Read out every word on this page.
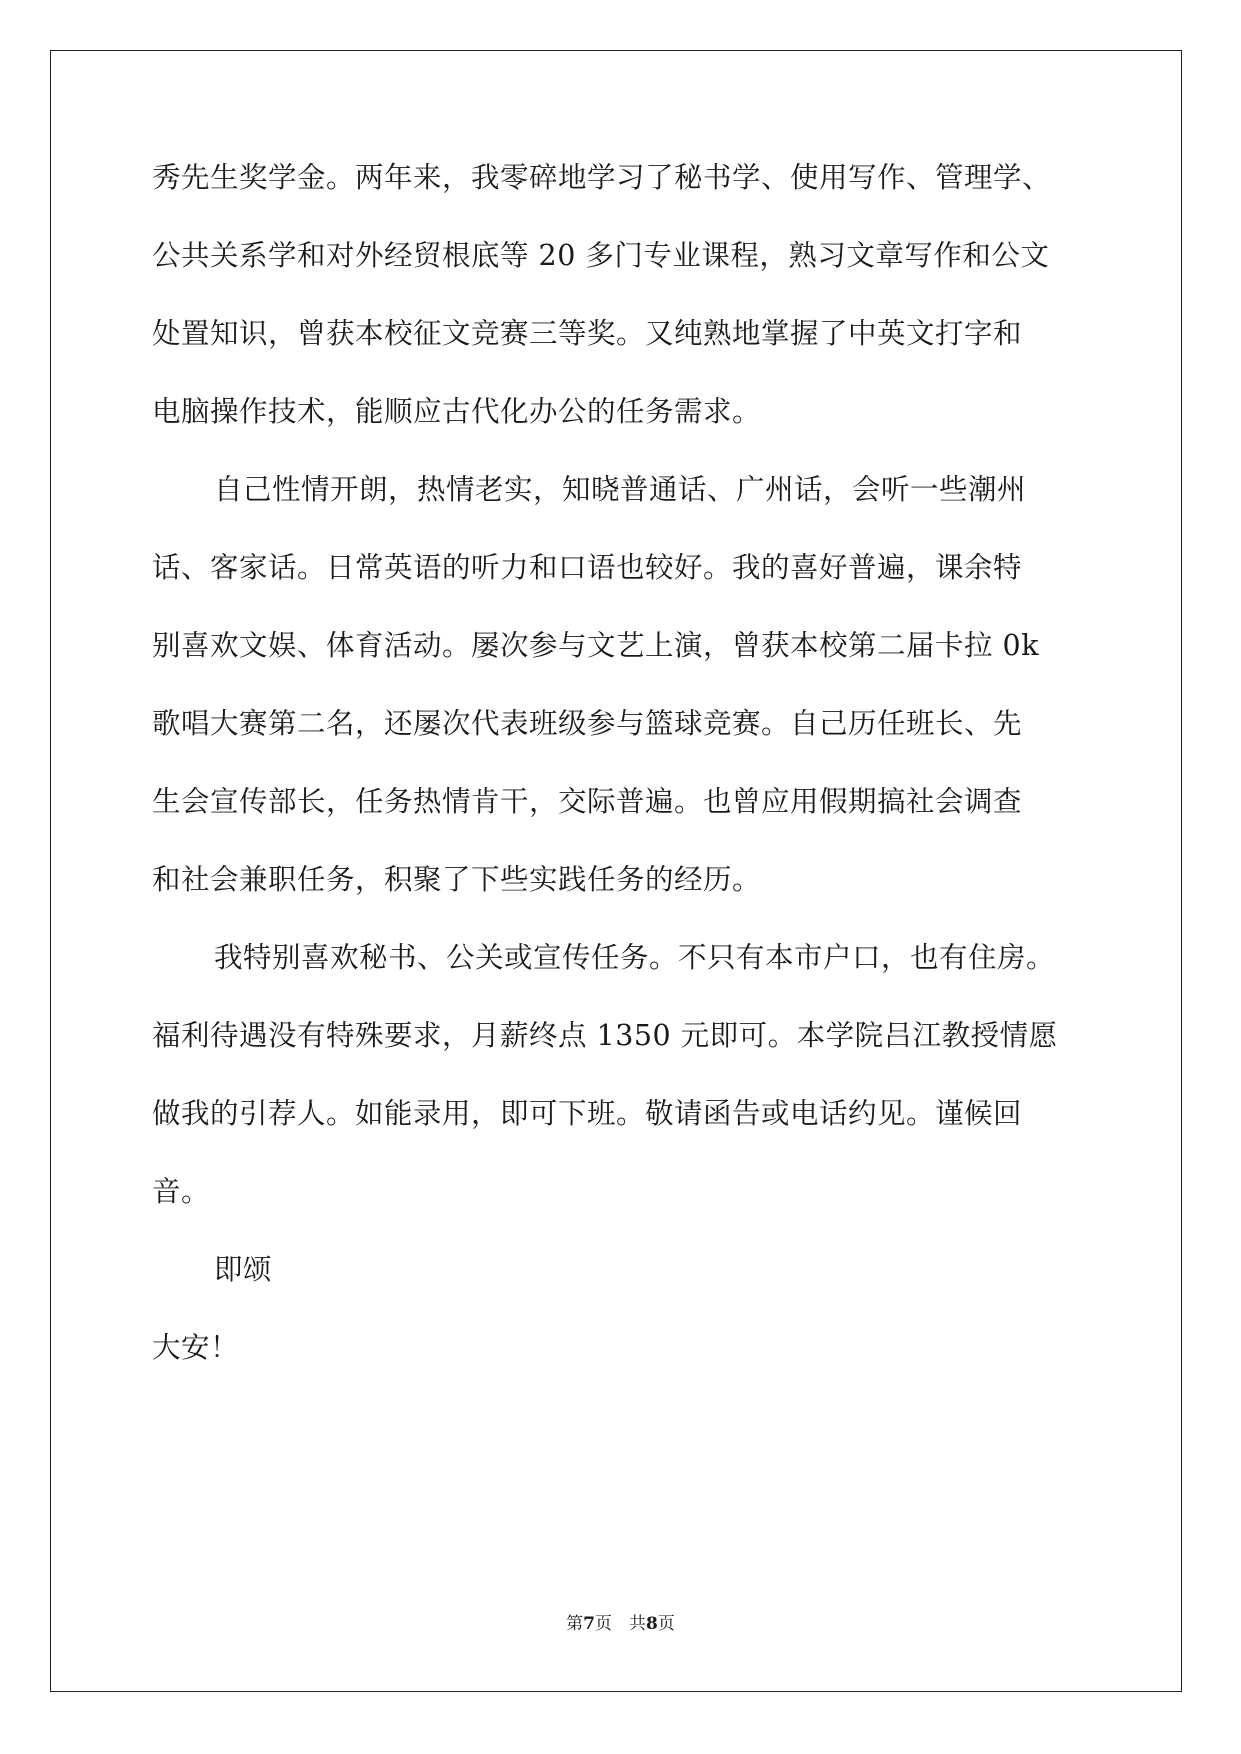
秀先生奖学金。两年来，我零碎地学习了秘书学、使用写作、管理学、
公共关系学和对外经贸根底等 20 多门专业课程，熟习文章写作和公文
处置知识，曾获本校征文竞赛三等奖。又纯熟地掌握了中英文打字和
电脑操作技术，能顺应古代化办公的任务需求。
自己性情开朗，热情老实，知晓普通话、广州话，会听一些潮州
话、客家话。日常英语的听力和口语也较好。我的喜好普遍，课余特
别喜欢文娱、体育活动。屡次参与文艺上演，曾获本校第二届卡拉 0k
歌唱大赛第二名，还屡次代表班级参与篮球竞赛。自己历任班长、先
生会宣传部长，任务热情肯干，交际普遍。也曾应用假期搞社会调查
和社会兼职任务，积聚了下些实践任务的经历。
我特别喜欢秘书、公关或宣传任务。不只有本市户口，也有住房。
福利待遇没有特殊要求，月薪终点 1350 元即可。本学院吕江教授情愿
做我的引荐人。如能录用，即可下班。敬请函告或电话约见。谨候回
音。
即颂
大安！
第7页　共8页
